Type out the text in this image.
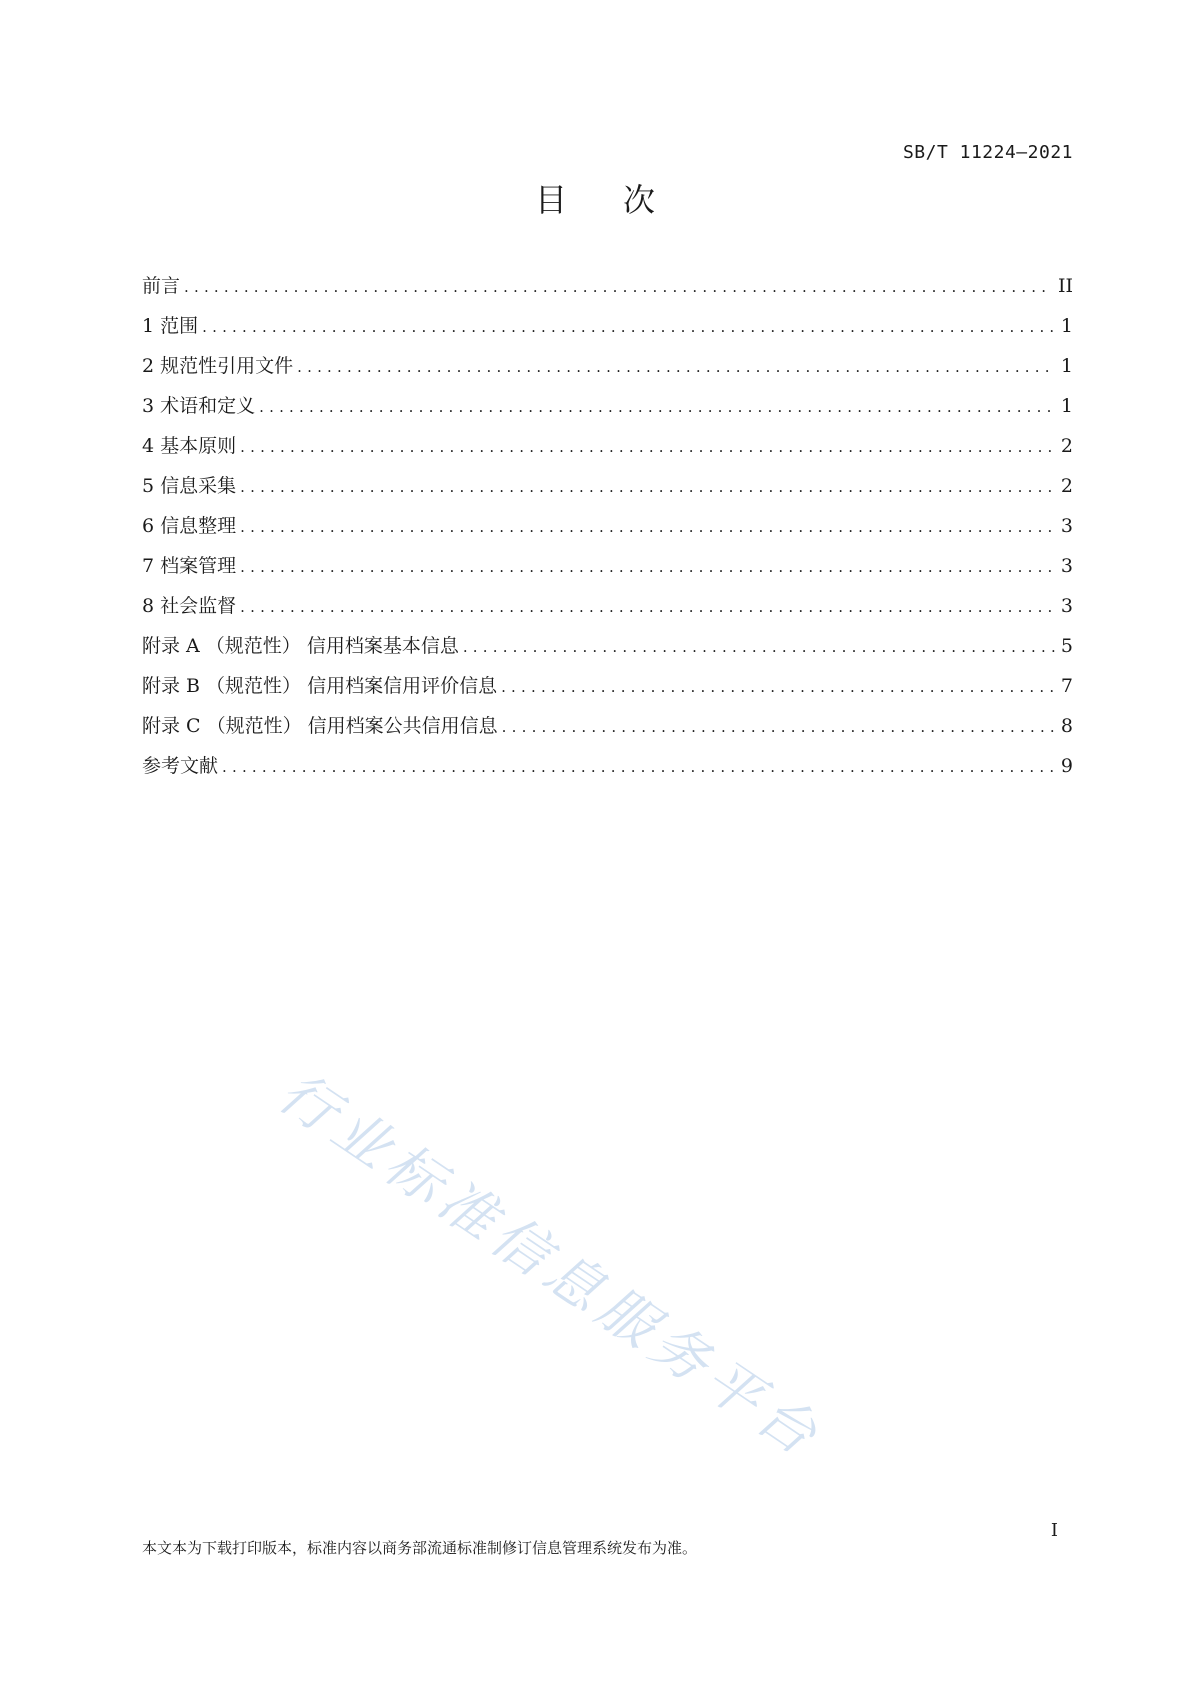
SB/T 11224—2021
目次
前言 .....	II
1 范围 .....	1
2 规范性引用文件 .....	1
3 术语和定义 .....	1
4 基本原则 .....	2
5 信息采集 .....	2
6 信息整理 .....	3
7 档案管理 .....	3
8 社会监督 .....	3
附录 A （规范性） 信用档案基本信息 .....	5
附录 B （规范性） 信用档案信用评价信息 .....	7
附录 C （规范性） 信用档案公共信用信息 .....	8
参考文献 .....	9
行业标准信息服务平台
I
本文本为下载打印版本，标准内容以商务部流通标准制修订信息管理系统发布为准。
